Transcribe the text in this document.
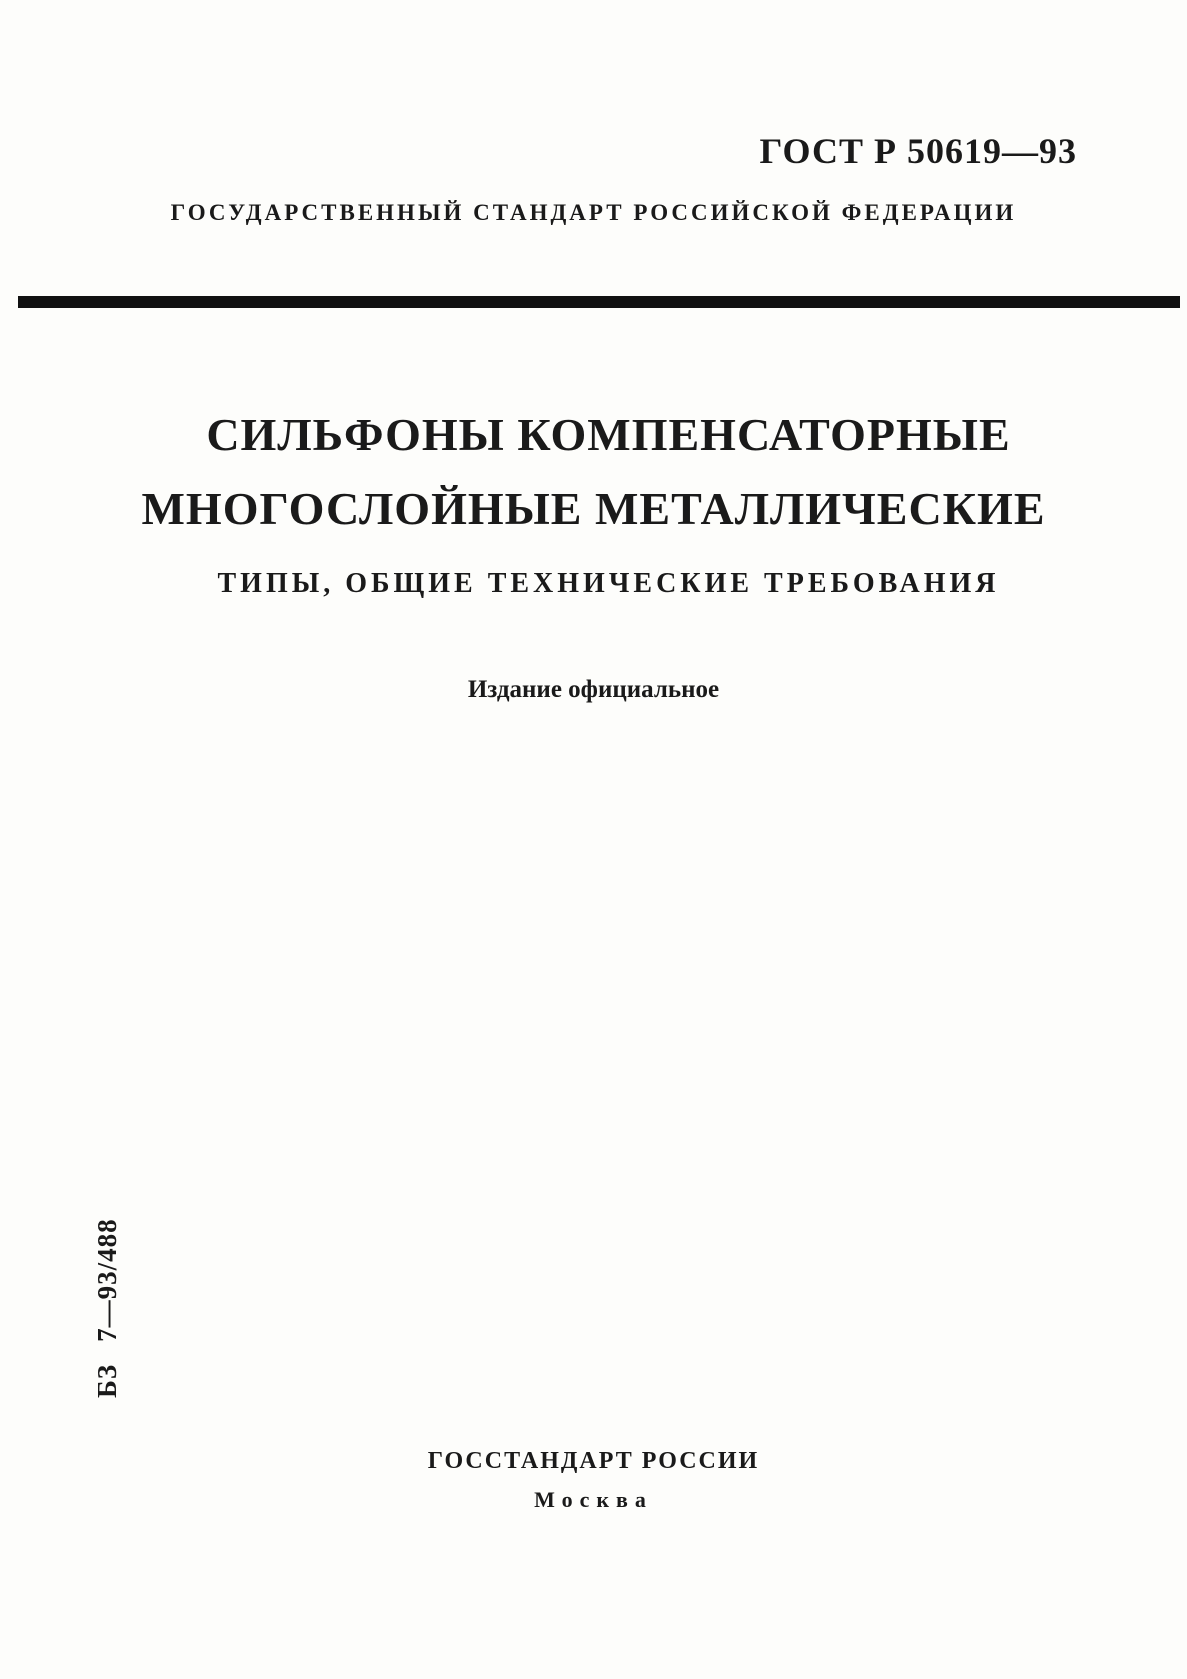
ГОСТ Р 50619—93
ГОСУДАРСТВЕННЫЙ СТАНДАРТ РОССИЙСКОЙ ФЕДЕРАЦИИ
СИЛЬФОНЫ КОМПЕНСАТОРНЫЕ
МНОГОСЛОЙНЫЕ МЕТАЛЛИЧЕСКИЕ
ТИПЫ, ОБЩИЕ ТЕХНИЧЕСКИЕ ТРЕБОВАНИЯ
Издание официальное
БЗ7—93/488
ГОССТАНДАРТ РОССИИ
Москва
